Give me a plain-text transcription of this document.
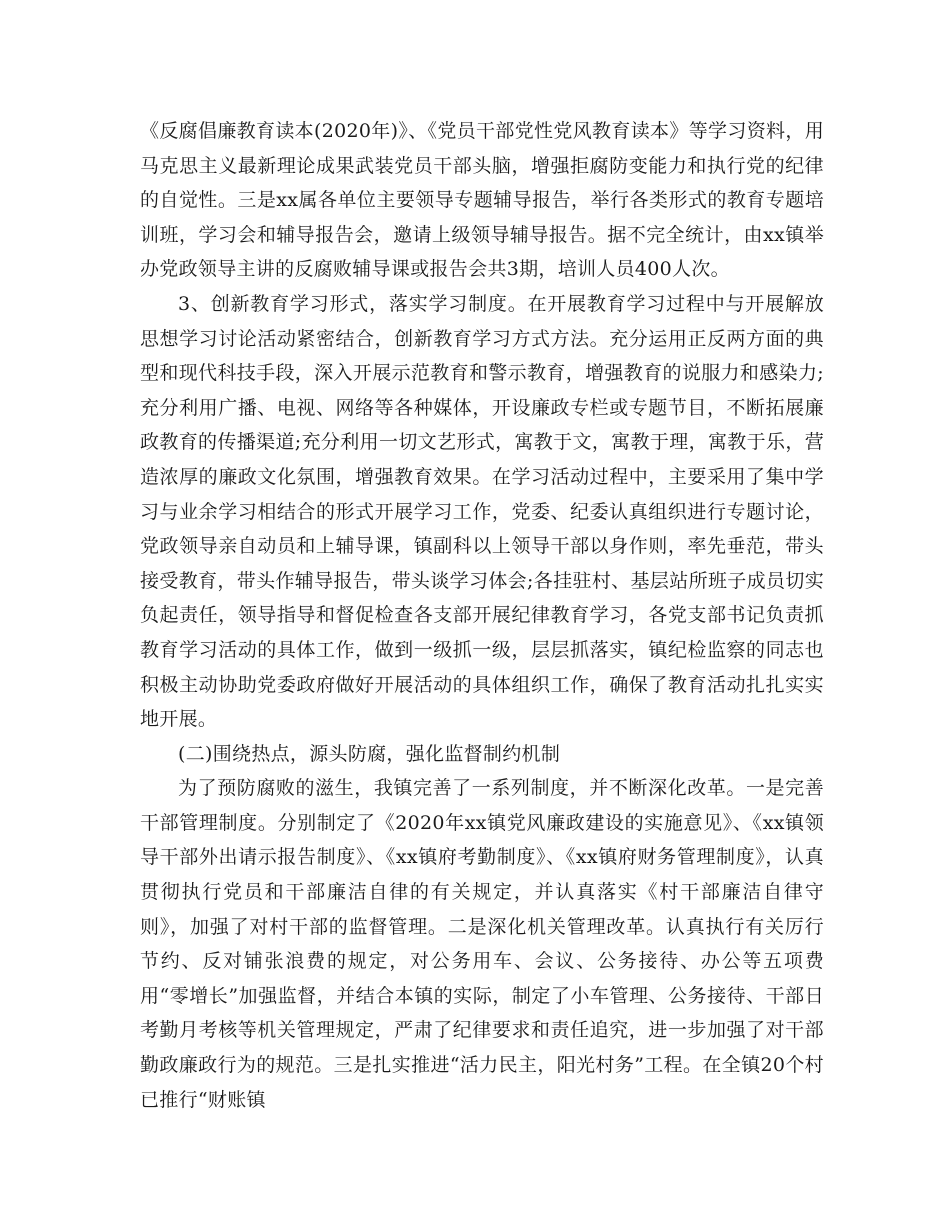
《反腐倡廉教育读本(2020年)》、《党员干部党性党风教育读本》等学习资料，用马克思主义最新理论成果武装党员干部头脑，增强拒腐防变能力和执行党的纪律的自觉性。三是xx属各单位主要领导专题辅导报告，举行各类形式的教育专题培训班，学习会和辅导报告会，邀请上级领导辅导报告。据不完全统计，由xx镇举办党政领导主讲的反腐败辅导课或报告会共3期，培训人员400人次。

3、创新教育学习形式，落实学习制度。在开展教育学习过程中与开展解放思想学习讨论活动紧密结合，创新教育学习方式方法。充分运用正反两方面的典型和现代科技手段，深入开展示范教育和警示教育，增强教育的说服力和感染力;充分利用广播、电视、网络等各种媒体，开设廉政专栏或专题节目，不断拓展廉政教育的传播渠道;充分利用一切文艺形式，寓教于文，寓教于理，寓教于乐，营造浓厚的廉政文化氛围，增强教育效果。在学习活动过程中，主要采用了集中学习与业余学习相结合的形式开展学习工作，党委、纪委认真组织进行专题讨论，党政领导亲自动员和上辅导课，镇副科以上领导干部以身作则，率先垂范，带头接受教育，带头作辅导报告，带头谈学习体会;各挂驻村、基层站所班子成员切实负起责任，领导指导和督促检查各支部开展纪律教育学习，各党支部书记负责抓教育学习活动的具体工作，做到一级抓一级，层层抓落实，镇纪检监察的同志也积极主动协助党委政府做好开展活动的具体组织工作，确保了教育活动扎扎实实地开展。

(二)围绕热点，源头防腐，强化监督制约机制

为了预防腐败的滋生，我镇完善了一系列制度，并不断深化改革。一是完善干部管理制度。分别制定了《2020年xx镇党风廉政建设的实施意见》、《xx镇领导干部外出请示报告制度》、《xx镇府考勤制度》、《xx镇府财务管理制度》，认真贯彻执行党员和干部廉洁自律的有关规定，并认真落实《村干部廉洁自律守则》，加强了对村干部的监督管理。二是深化机关管理改革。认真执行有关厉行节约、反对铺张浪费的规定，对公务用车、会议、公务接待、办公等五项费用“零增长”加强监督，并结合本镇的实际，制定了小车管理、公务接待、干部日考勤月考核等机关管理规定，严肃了纪律要求和责任追究，进一步加强了对干部勤政廉政行为的规范。三是扎实推进“活力民主，阳光村务”工程。在全镇20个村已推行“财账镇
